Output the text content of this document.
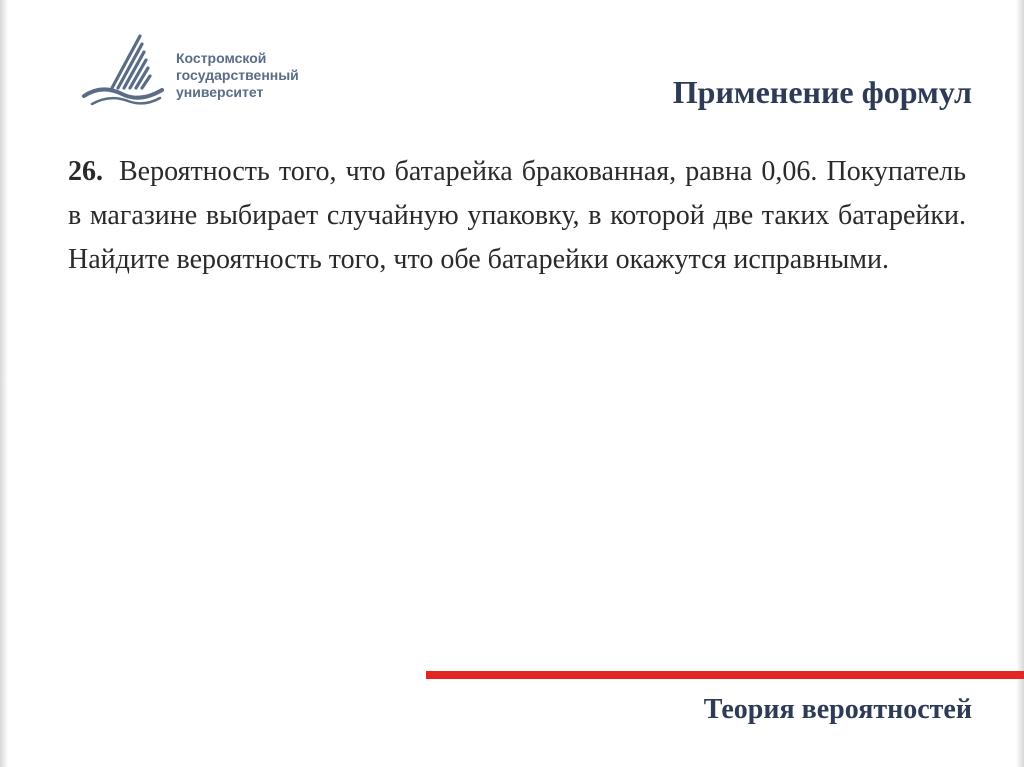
Костромской
государственный
университет	Применение формул
26. Вероятность того, что батарейка бракованная, равна 0,06. Покупатель в магазине выбирает случайную упаковку, в которой две таких батарейки. Найдите вероятность того, что обе батарейки окажутся исправными.
Теория вероятностей
